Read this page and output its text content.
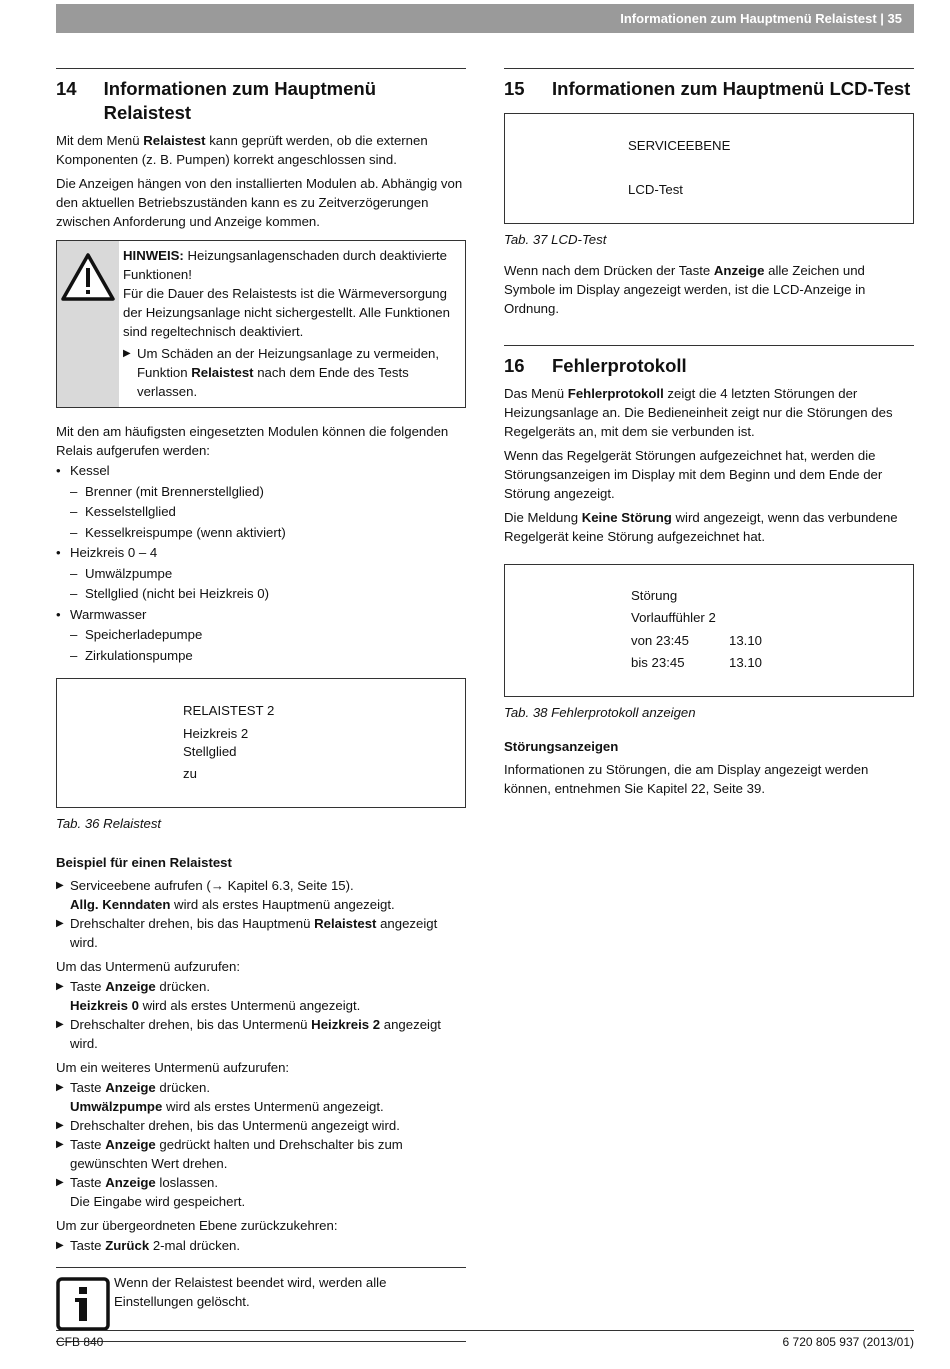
Informationen zum Hauptmenü Relaistest | 35
14	Informationen zum Hauptmenü Relaistest

Mit dem Menü Relaistest kann geprüft werden, ob die externen Komponenten (z. B. Pumpen) korrekt angeschlossen sind.

Die Anzeigen hängen von den installierten Modulen ab. Abhängig von den aktuellen Betriebszuständen kann es zu Zeitverzögerungen zwischen Anforderung und Anzeige kommen.

HINWEIS: Heizungsanlagenschaden durch deaktivierte Funktionen!

Für die Dauer des Relaistests ist die Wärmeversorgung der Heizungsanlage nicht sichergestellt. Alle Funktionen sind regeltechnisch deaktiviert.

▶ Um Schäden an der Heizungsanlage zu vermeiden, Funktion Relaistest nach dem Ende des Tests verlassen.

Mit den am häufigsten eingesetzten Modulen können die folgenden Relais aufgerufen werden:

• Kessel
– Brenner (mit Brennerstellglied)
– Kesselstellglied
– Kesselkreispumpe (wenn aktiviert)
• Heizkreis 0 – 4
– Umwälzpumpe
– Stellglied (nicht bei Heizkreis 0)
• Warmwasser
– Speicherladepumpe
– Zirkulationspumpe
RELAISTEST 2
Heizkreis 2
Stellglied
zu
Tab. 36 Relaistest
Beispiel für einen Relaistest
▶ Serviceebene aufrufen (→ Kapitel 6.3, Seite 15).
Allg. Kenndaten wird als erstes Hauptmenü angezeigt.
▶ Drehschalter drehen, bis das Hauptmenü Relaistest angezeigt wird.

Um das Untermenü aufzurufen:

▶ Taste Anzeige drücken.
Heizkreis 0 wird als erstes Untermenü angezeigt.
▶ Drehschalter drehen, bis das Untermenü Heizkreis 2 angezeigt wird.

Um ein weiteres Untermenü aufzurufen:

▶ Taste Anzeige drücken.
Umwälzpumpe wird als erstes Untermenü angezeigt.
▶ Drehschalter drehen, bis das Untermenü angezeigt wird.
▶ Taste Anzeige gedrückt halten und Drehschalter bis zum gewünschten Wert drehen.
▶ Taste Anzeige loslassen.
Die Eingabe wird gespeichert.

Um zur übergeordneten Ebene zurückzukehren:

▶ Taste Zurück 2-mal drücken.
Wenn der Relaistest beendet wird, werden alle Einstellungen gelöscht.
15	Informationen zum Hauptmenü LCD-Test
SERVICEEBENE
LCD-Test
Tab. 37 LCD-Test

Wenn nach dem Drücken der Taste Anzeige alle Zeichen und Symbole im Display angezeigt werden, ist die LCD-Anzeige in Ordnung.

16	Fehlerprotokoll

Das Menü Fehlerprotokoll zeigt die 4 letzten Störungen der Heizungsanlage an. Die Bedieneinheit zeigt nur die Störungen des Regelgeräts an, mit dem sie verbunden ist.

Wenn das Regelgerät Störungen aufgezeichnet hat, werden die Störungsanzeigen im Display mit dem Beginn und dem Ende der Störung angezeigt.

Die Meldung Keine Störung wird angezeigt, wenn das verbundene Regelgerät keine Störung aufgezeichnet hat.

Störung
Vorlauffühler 2
von 23:45	13.10
bis 23:45	13.10
Tab. 38 Fehlerprotokoll anzeigen
Störungsanzeigen

Informationen zu Störungen, die am Display angezeigt werden können, entnehmen Sie Kapitel 22, Seite 39.

CFB 840	6 720 805 937 (2013/01)
